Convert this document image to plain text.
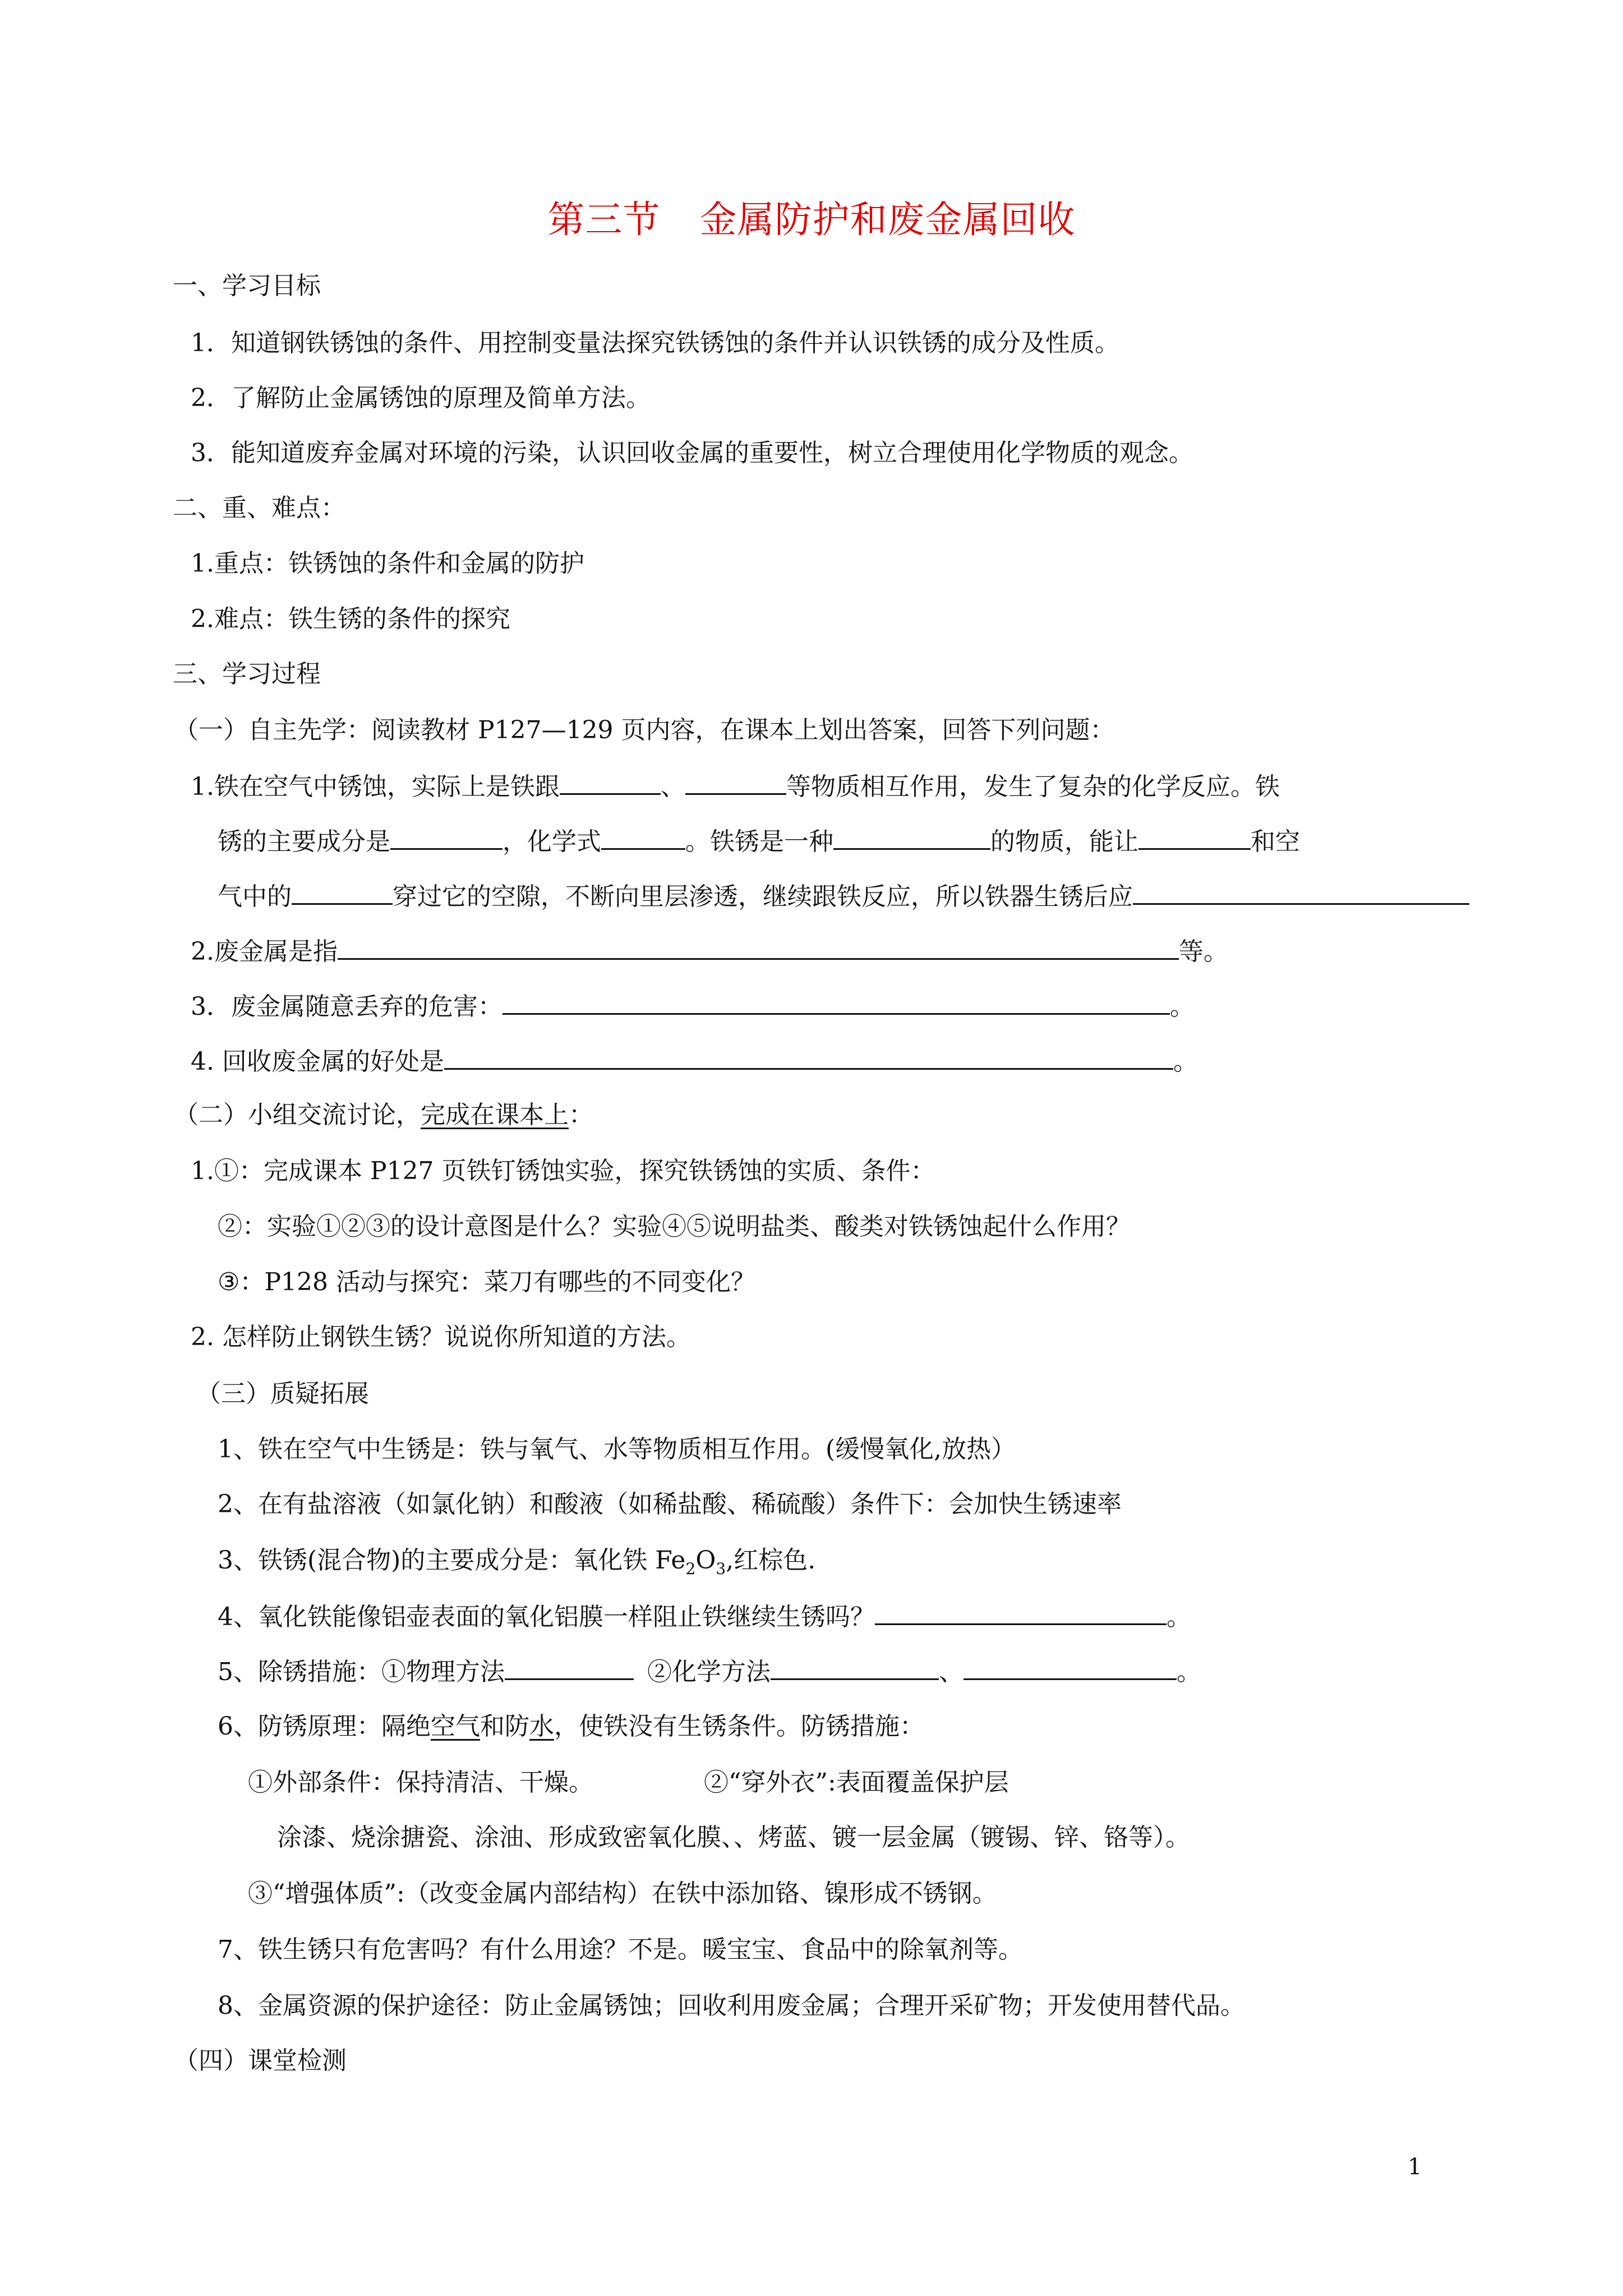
第三节 金属防护和废金属回收
一、学习目标
1．知道钢铁锈蚀的条件、用控制变量法探究铁锈蚀的条件并认识铁锈的成分及性质。
2．了解防止金属锈蚀的原理及简单方法。
3．能知道废弃金属对环境的污染，认识回收金属的重要性，树立合理使用化学物质的观念。
二、重、难点：
1.重点：铁锈蚀的条件和金属的防护
2.难点：铁生锈的条件的探究
三、学习过程
（一）自主先学：阅读教材 P127—129 页内容，在课本上划出答案，回答下列问题：
1.铁在空气中锈蚀，实际上是铁跟	、	等物质相互作用，发生了复杂的化学反应。铁
锈的主要成分是	，化学式	。铁锈是一种	的物质，能让	和空
气中的	穿过它的空隙，不断向里层渗透，继续跟铁反应，所以铁器生锈后应
2.废金属是指	等。
3．废金属随意丢弃的危害：	。
4. 回收废金属的好处是	。
（二）小组交流讨论，完成在课本上：
1.①：完成课本 P127 页铁钉锈蚀实验，探究铁锈蚀的实质、条件：
②：实验①②③的设计意图是什么？实验④⑤说明盐类、酸类对铁锈蚀起什么作用？
③：P128 活动与探究：菜刀有哪些的不同变化？
2. 怎样防止钢铁生锈？说说你所知道的方法。
（三）质疑拓展
1、铁在空气中生锈是：铁与氧气、水等物质相互作用。(缓慢氧化,放热）
2、在有盐溶液（如氯化钠）和酸液（如稀盐酸、稀硫酸）条件下：会加快生锈速率
3、铁锈(混合物)的主要成分是：氧化铁 $Fe_2O_3$,红棕色.
4、氧化铁能像铝壶表面的氧化铝膜一样阻止铁继续生锈吗？	。
5、除锈措施：①物理方法	②化学方法	、	。
6、防锈原理：隔绝空气和防水，使铁没有生锈条件。防锈措施：
①外部条件：保持清洁、干燥。	②“穿外衣”:表面覆盖保护层
涂漆、烧涂搪瓷、涂油、形成致密氧化膜、、烤蓝、镀一层金属（镀锡、锌、铬等）。
③“增强体质”:（改变金属内部结构）在铁中添加铬、镍形成不锈钢。
7、铁生锈只有危害吗？有什么用途？不是。暖宝宝、食品中的除氧剂等。
8、金属资源的保护途径：防止金属锈蚀；回收利用废金属；合理开采矿物；开发使用替代品。
（四）课堂检测
1
